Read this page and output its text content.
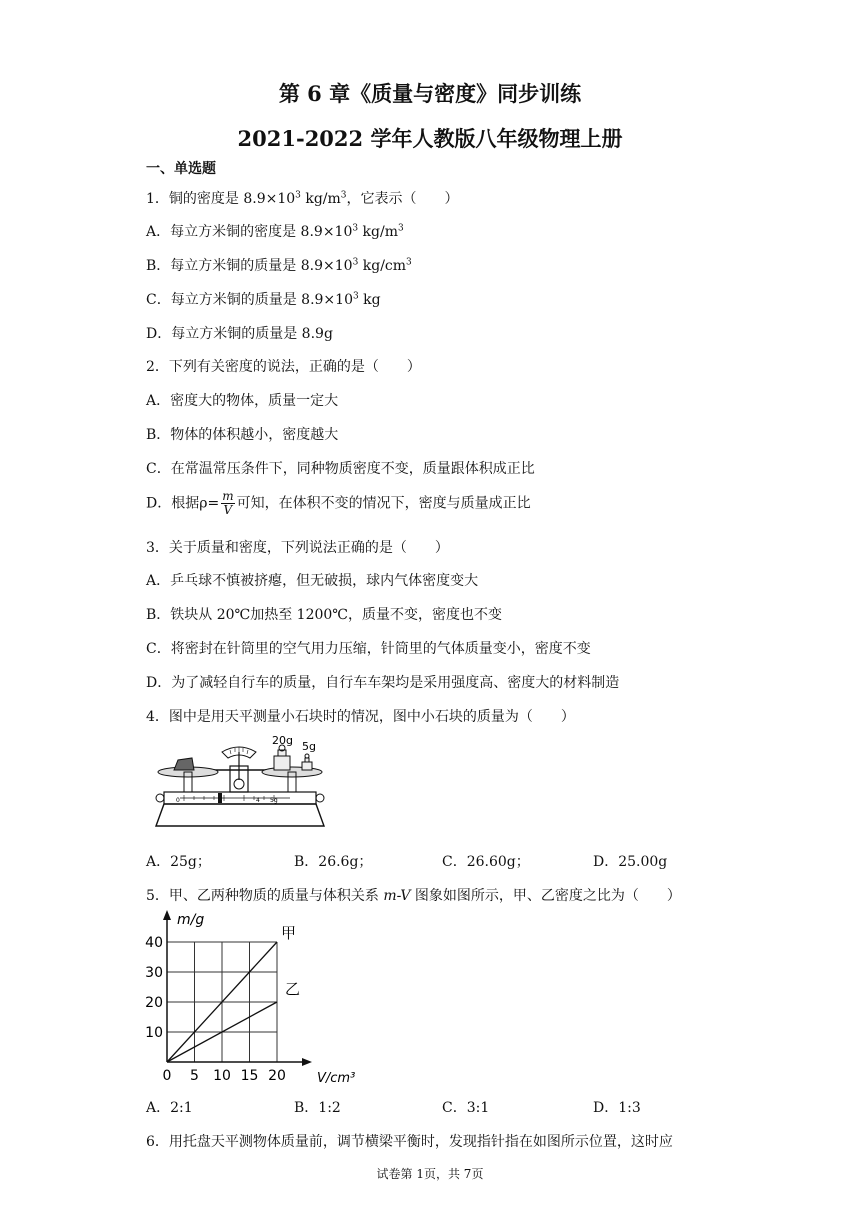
第 6 章《质量与密度》同步训练
2021-2022 学年人教版八年级物理上册
一、单选题
1．铜的密度是 $8.9\times 10^3$ $kg/m^3$，它表示（　　）
A．每立方米铜的密度是 $8.9\times 10^3$ $kg/m^3$
B．每立方米铜的质量是 $8.9\times 10^3$ $kg/cm^3$
C．每立方米铜的质量是 $8.9\times 10^3$ kg
D．每立方米铜的质量是 8.9g
2．下列有关密度的说法，正确的是（　　）
A．密度大的物体，质量一定大
B．物体的体积越小，密度越大
C．在常温常压条件下，同种物质密度不变，质量跟体积成正比
D．根据$\rho= \frac{m}{V}$ 可知，在体积不变的情况下，密度与质量成正比
3．关于质量和密度，下列说法正确的是（　　）
A．乒乓球不慎被挤瘪，但无破损，球内气体密度变大
B．铁块从 20℃加热至 1200℃，质量不变，密度也不变
C．将密封在针筒里的空气用力压缩，针筒里的气体质量变小，密度不变
D．为了减轻自行车的质量，自行车车架均是采用强度高、密度大的材料制造
4．图中是用天平测量小石块时的情况，图中小石块的质量为（　　）
0	4 5g
20g 5g
A．25g；	B．26.6g；	C．26.60g；	D．25.00g
5．甲、乙两种物质的质量与体积关系 m-V 图象如图所示，甲、乙密度之比为（　　）
0 5 10 15 20
10
20
30
40
m/g
V/cm³
甲
乙
A．2:1	B．1:2	C．3:1	D．1:3
6．用托盘天平测物体质量前，调节横梁平衡时，发现指针指在如图所示位置，这时应
试卷第 1页，共 7页
